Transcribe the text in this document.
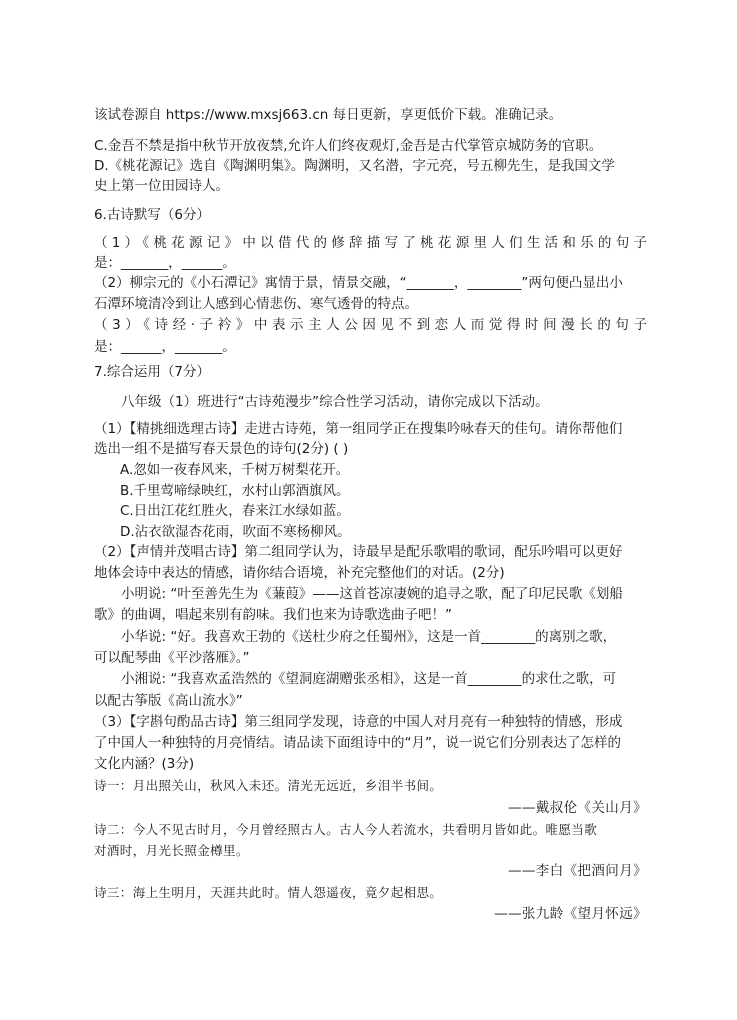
该试卷源自 https://www.mxsj663.cn 每日更新，享更低价下载。准确记录。
C.金吾不禁是指中秋节开放夜禁,允许人们终夜观灯,金吾是古代掌管京城防务的官职。
D.《桃花源记》选自《陶渊明集》。陶渊明，又名潜，字元亮，号五柳先生，是我国文学
史上第一位田园诗人。
6.古诗默写（6分）
（1）《桃花源记》中以借代的修辞描写了桃花源里人们生活和乐的句子
是：_______，______。
（2）柳宗元的《小石潭记》寓情于景，情景交融，“_______，________”两句便凸显出小
石潭环境清冷到让人感到心情悲伤、寒气透骨的特点。
（3）《诗经·子衿》中表示主人公因见不到恋人而觉得时间漫长的句子
是：______，_______。
7.综合运用（7分）
八年级（1）班进行“古诗苑漫步”综合性学习活动，请你完成以下活动。
（1）【精挑细选理古诗】走进古诗苑，第一组同学正在搜集吟咏春天的佳句。请你帮他们
选出一组不是描写春天景色的诗句(2分) ( )
A.忽如一夜春风来，千树万树梨花开。
B.千里莺啼绿映红，水村山郭酒旗风。
C.日出江花红胜火，春来江水绿如蓝。
D.沾衣欲湿杏花雨，吹面不寒杨柳风。
（2）【声情并茂唱古诗】第二组同学认为，诗最早是配乐歌唱的歌词，配乐吟唱可以更好
地体会诗中表达的情感，请你结合语境，补充完整他们的对话。(2分)
小明说: “叶至善先生为《蒹葭》——这首苍凉凄婉的追寻之歌，配了印尼民歌《划船
歌》的曲调，唱起来别有韵味。我们也来为诗歌选曲子吧！”
小华说: “好。我喜欢王勃的《送杜少府之任蜀州》，这是一首________的离别之歌，
可以配琴曲《平沙落雁》。”
小湘说: “我喜欢孟浩然的《望洞庭湖赠张丞相》，这是一首________的求仕之歌，可
以配古筝版《高山流水》”
（3）【字斟句酌品古诗】第三组同学发现，诗意的中国人对月亮有一种独特的情感，形成
了中国人一种独特的月亮情结。请品读下面组诗中的“月”，说一说它们分别表达了怎样的
文化内涵？(3分)
诗一：月出照关山，秋风入未还。清光无远近，乡泪半书间。
——戴叔伦《关山月》
诗二：今人不见古时月，今月曾经照古人。古人今人若流水，共看明月皆如此。唯愿当歌
对酒时，月光长照金樽里。
——李白《把酒问月》
诗三：海上生明月，天涯共此时。情人怨遥夜，竟夕起相思。
——张九龄《望月怀远》
